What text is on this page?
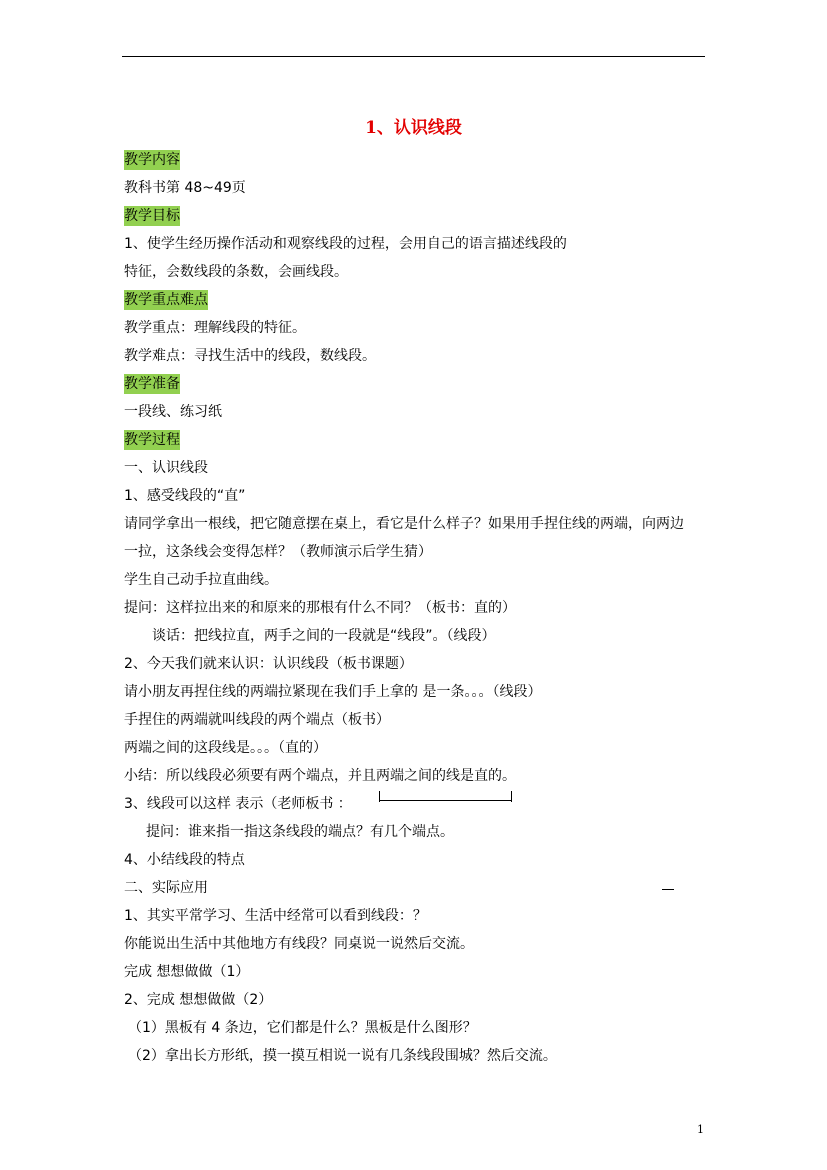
1、认识线段
教学内容
教科书第 48~49页
教学目标
1、使学生经历操作活动和观察线段的过程，会用自己的语言描述线段的
特征，会数线段的条数，会画线段。
教学重点难点
教学重点：理解线段的特征。
教学难点：寻找生活中的线段，数线段。
教学准备
一段线、练习纸
教学过程
一、认识线段
1、感受线段的“直”
请同学拿出一根线，把它随意摆在桌上，看它是什么样子？如果用手捏住线的两端，向两边
一拉，这条线会变得怎样？（教师演示后学生猜）
学生自己动手拉直曲线。
提问：这样拉出来的和原来的那根有什么不同？（板书：直的）
谈话：把线拉直，两手之间的一段就是“线段”。（线段）
2、今天我们就来认识：认识线段（板书课题）
请小朋友再捏住线的两端拉紧现在我们手上拿的 是一条。。。（线段）
手捏住的两端就叫线段的两个端点（板书）
两端之间的这段线是。。。（直的）
小结：所以线段必须要有两个端点，并且两端之间的线是直的。
3、线段可以这样 表示（老师板书 ：
提问：谁来指一指这条线段的端点？有几个端点。
4、小结线段的特点
二、实际应用
1、其实平常学习、生活中经常可以看到线段：？
你能说出生活中其他地方有线段？同桌说一说然后交流。
完成 想想做做（1）
2、完成 想想做做（2）
（1）黑板有 4 条边，它们都是什么？黑板是什么图形？
（2）拿出长方形纸，摸一摸互相说一说有几条线段围城？然后交流。
1
